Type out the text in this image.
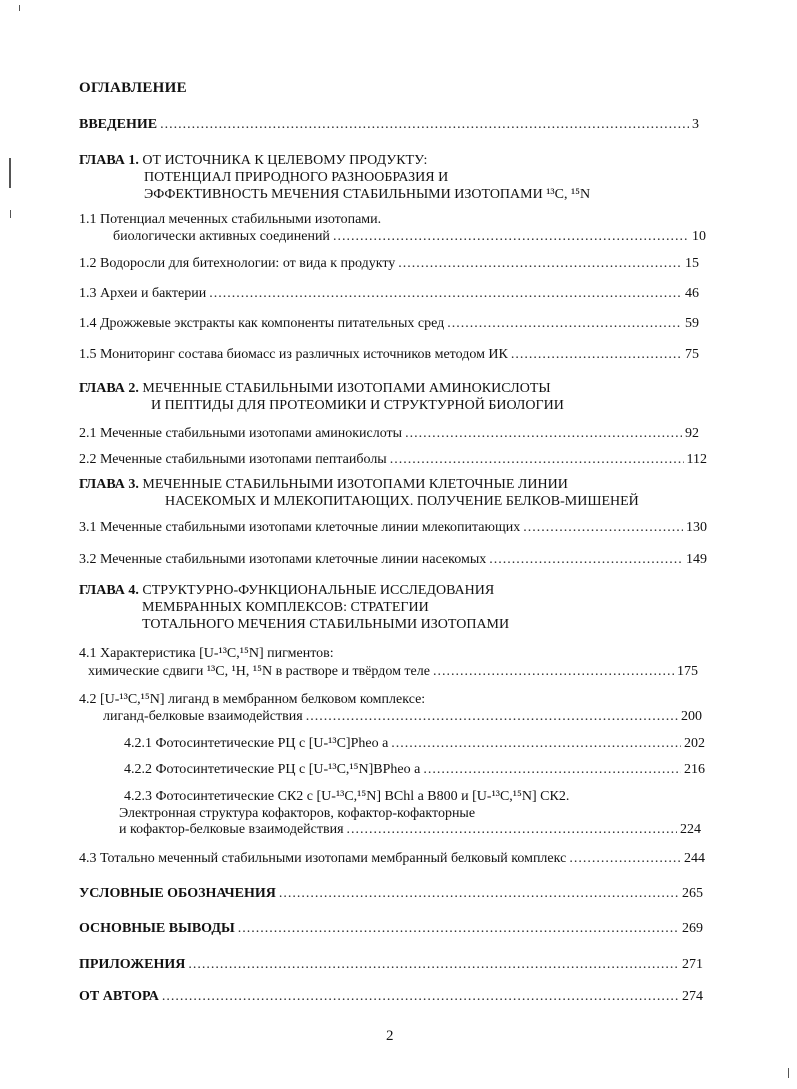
ОГЛАВЛЕНИЕ
ВВЕДЕНИЕ .....	3
ГЛАВА 1. ОТ ИСТОЧНИКА К ЦЕЛЕВОМУ ПРОДУКТУ:
ПОТЕНЦИАЛ ПРИРОДНОГО РАЗНООБРАЗИЯ И
ЭФФЕКТИВНОСТЬ МЕЧЕНИЯ СТАБИЛЬНЫМИ ИЗОТОПАМИ ¹³С, ¹⁵N
1.1 Потенциал меченных стабильными изотопами.
биологически активных соединений .....	10
1.2 Водоросли для битехнологии: от вида к продукту .....	15
1.3 Археи и бактерии .....	46
1.4 Дрожжевые экстракты как компоненты питательных сред .....	59
1.5 Мониторинг состава биомасс из различных источников методом ИК .....	75
ГЛАВА 2. МЕЧЕННЫЕ СТАБИЛЬНЫМИ ИЗОТОПАМИ АМИНОКИСЛОТЫ
И ПЕПТИДЫ ДЛЯ ПРОТЕОМИКИ И СТРУКТУРНОЙ БИОЛОГИИ
2.1 Меченные стабильными изотопами аминокислоты .....	92
2.2 Меченные стабильными изотопами пептаиболы .....	112
ГЛАВА 3. МЕЧЕННЫЕ СТАБИЛЬНЫМИ ИЗОТОПАМИ КЛЕТОЧНЫЕ ЛИНИИ
НАСЕКОМЫХ И МЛЕКОПИТАЮЩИХ. ПОЛУЧЕНИЕ БЕЛКОВ-МИШЕНЕЙ
3.1 Меченные стабильными изотопами клеточные линии млекопитающих .....	130
3.2 Меченные стабильными изотопами клеточные линии насекомых .....	149
ГЛАВА 4. СТРУКТУРНО-ФУНКЦИОНАЛЬНЫЕ ИССЛЕДОВАНИЯ
МЕМБРАННЫХ КОМПЛЕКСОВ: СТРАТЕГИИ
ТОТАЛЬНОГО МЕЧЕНИЯ СТАБИЛЬНЫМИ ИЗОТОПАМИ
4.1 Характеристика [U-¹³С,¹⁵N] пигментов:
химические сдвиги ¹³С, ¹Н, ¹⁵N в растворе и твёрдом теле .....	175
4.2 [U-¹³С,¹⁵N] лиганд в мембранном белковом комплексе:
лиганд-белковые взаимодействия .....	200
4.2.1 Фотосинтетические РЦ с [U-¹³C]Pheo a .....	202
4.2.2 Фотосинтетические РЦ с [U-¹³С,¹⁵N]BPheo a .....	216
4.2.3 Фотосинтетические СК2 с [U-¹³С,¹⁵N] BChl a B800 и [U-¹³С,¹⁵N] СК2.
Электронная структура кофакторов, кофактор-кофакторные
и кофактор-белковые взаимодействия .....	224
4.3 Тотально меченный стабильными изотопами мембранный белковый комплекс .....	244
УСЛОВНЫЕ ОБОЗНАЧЕНИЯ .....	265
ОСНОВНЫЕ ВЫВОДЫ .....	269
ПРИЛОЖЕНИЯ .....	271
ОТ АВТОРА .....	274
2
